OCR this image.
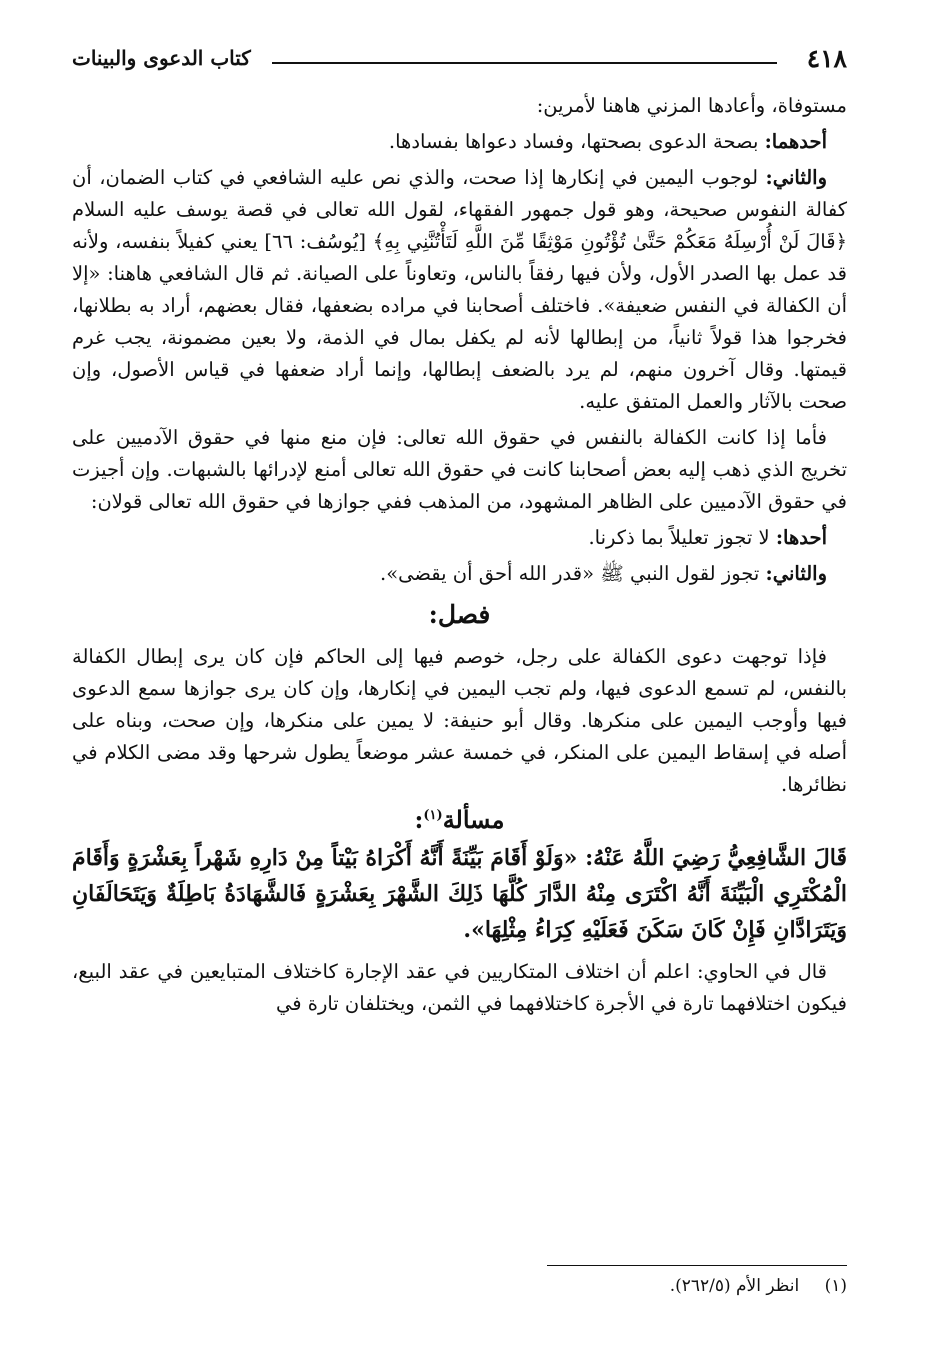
٤١٨
كتاب الدعوى والبينات

مستوفاة، وأعادها المزني هاهنا لأمرين:

أحدهما: بصحة الدعوى بصحتها، وفساد دعواها بفسادها.

والثاني: لوجوب اليمين في إنكارها إذا صحت، والذي نص عليه الشافعي في كتاب الضمان، أن كفالة النفوس صحيحة، وهو قول جمهور الفقهاء، لقول الله تعالى في قصة يوسف عليه السلام ﴿قَالَ لَنْ أُرْسِلَهُ مَعَكُمْ حَتَّىٰ تُؤْتُونِ مَوْثِقًا مِّنَ اللَّهِ لَتَأْتُنَّنِي بِهِ﴾ [يُوسُف: ٦٦] يعني كفيلاً بنفسه، ولأنه قد عمل بها الصدر الأول، ولأن فيها رفقاً بالناس، وتعاوناً على الصيانة. ثم قال الشافعي هاهنا: «إلا أن الكفالة في النفس ضعيفة». فاختلف أصحابنا في مراده بضعفها، فقال بعضهم، أراد به بطلانها، فخرجوا هذا قولاً ثانياً، من إبطالها لأنه لم يكفل بمال في الذمة، ولا بعين مضمونة، يجب غرم قيمتها. وقال آخرون منهم، لم يرد بالضعف إبطالها، وإنما أراد ضعفها في قياس الأصول، وإن صحت بالآثار والعمل المتفق عليه.

فأما إذا كانت الكفالة بالنفس في حقوق الله تعالى: فإن منع منها في حقوق الآدميين على تخريج الذي ذهب إليه بعض أصحابنا كانت في حقوق الله تعالى أمنع لإدرائها بالشبهات. وإن أجيزت في حقوق الآدميين على الظاهر المشهود، من المذهب ففي جوازها في حقوق الله تعالى قولان:

أحدها: لا تجوز تعليلاً بما ذكرنا.

والثاني: تجوز لقول النبي ﷺ «قدر الله أحق أن يقضى».

فصل:

فإذا توجهت دعوى الكفالة على رجل، خوصم فيها إلى الحاكم فإن كان يرى إبطال الكفالة بالنفس، لم تسمع الدعوى فيها، ولم تجب اليمين في إنكارها، وإن كان يرى جوازها سمع الدعوى فيها وأوجب اليمين على منكرها. وقال أبو حنيفة: لا يمين على منكرها، وإن صحت، وبناه على أصله في إسقاط اليمين على المنكر، في خمسة عشر موضعاً يطول شرحها وقد مضى الكلام في نظائرها.

مسألة$^{(١)}$:

قَالَ الشَّافِعِيُّ رَضِيَ اللَّهُ عَنْهُ: «وَلَوْ أَقَامَ بَيِّنَةً أَنَّهُ أَكْرَاهُ بَيْتاً مِنْ دَارِهِ شَهْراً بِعَشْرَةٍ وَأَقَامَ الْمُكْتَرِي الْبَيِّنَةَ أَنَّهُ اكْتَرَى مِنْهُ الدَّارَ كُلَّهَا ذَلِكَ الشَّهْرَ بِعَشْرَةٍ فَالشَّهَادَةُ بَاطِلَةٌ وَيَتَحَالَفَانِ وَيَتَرَادَّانِ فَإِنْ كَانَ سَكَنَ فَعَلَيْهِ كِرَاءُ مِثْلِهَا».

قال في الحاوي: اعلم أن اختلاف المتكاريين في عقد الإجارة كاختلاف المتبايعين في عقد البيع، فيكون اختلافهما تارة في الأجرة كاختلافهما في الثمن، ويختلفان تارة في

(١) انظر الأم (٢٦٢/٥).
